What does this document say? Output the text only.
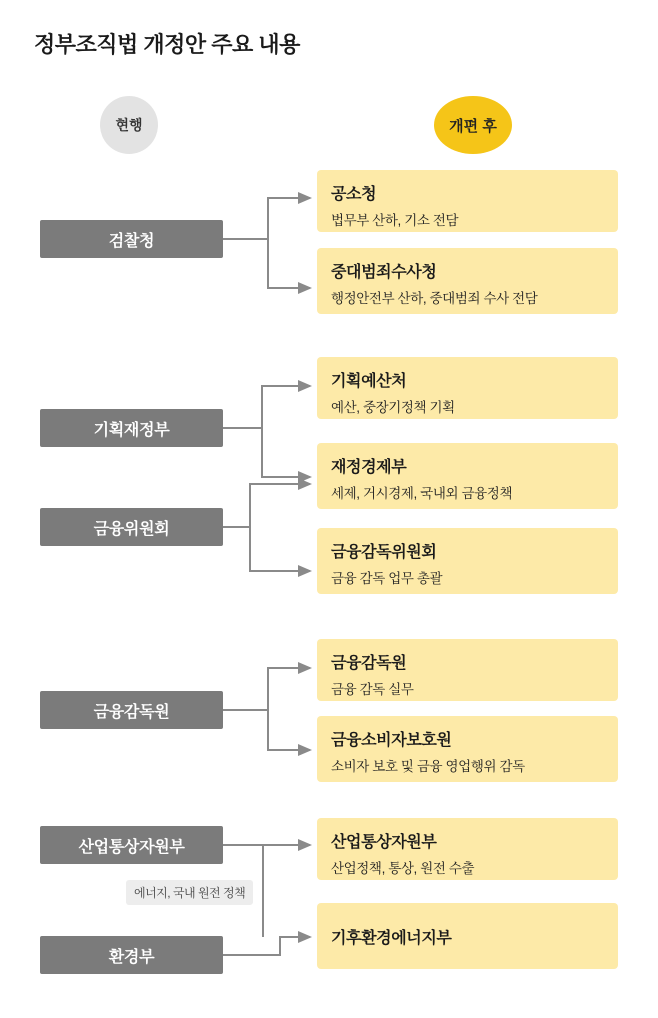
정부조직법 개정안 주요 내용
현행	개편 후
검찰청
기획재정부
금융위원회
금융감독원
산업통상자원부
환경부
에너지, 국내 원전 정책
공소청
법무부 산하, 기소 전담
중대범죄수사청
행정안전부 산하, 중대범죄 수사 전담
기획예산처
예산, 중장기정책 기획
재정경제부
세제, 거시경제, 국내외 금융정책
금융감독위원회
금융 감독 업무 총괄
금융감독원
금융 감독 실무
금융소비자보호원
소비자 보호 및 금융 영업행위 감독
산업통상자원부
산업정책, 통상, 원전 수출
기후환경에너지부
